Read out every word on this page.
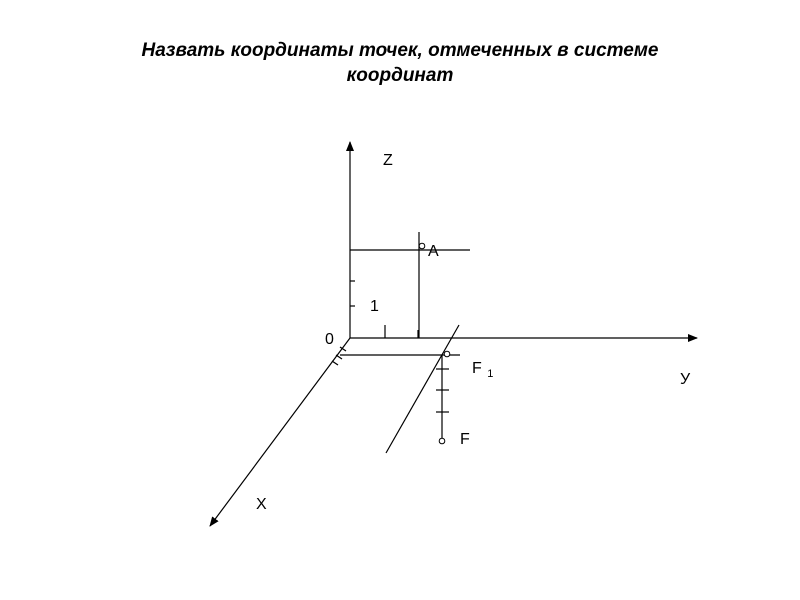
Назвать координаты точек, отмеченных в системе
координат
Z
У
Х
0
1
A
F
F $_1$
